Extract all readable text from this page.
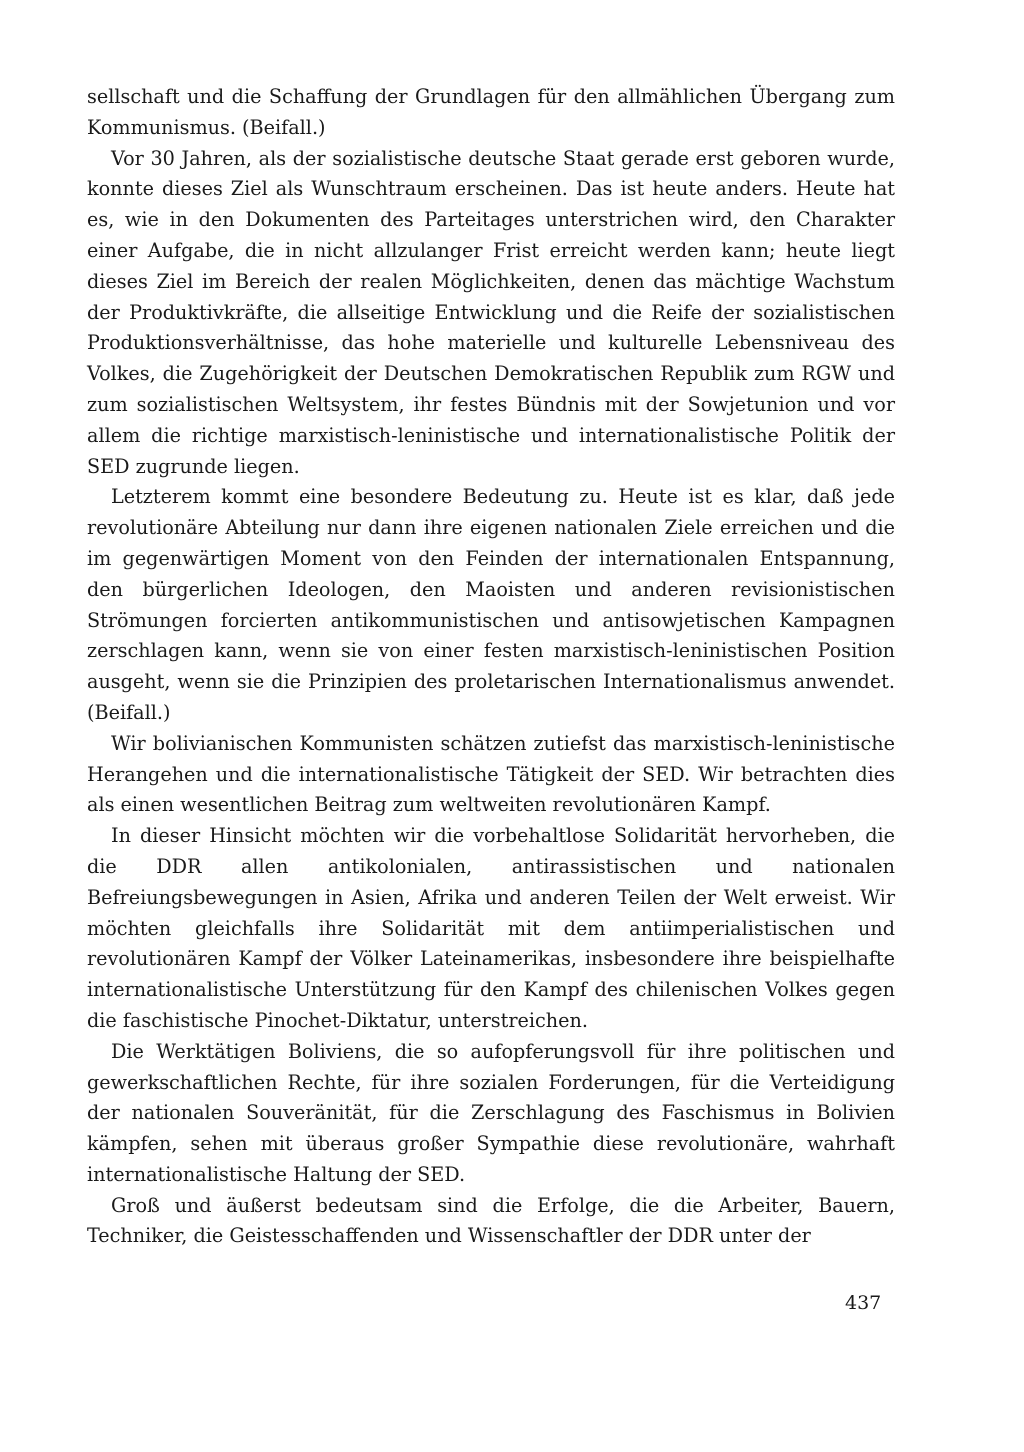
sellschaft und die Schaffung der Grundlagen für den allmählichen Übergang zum Kommunismus. (Beifall.)

Vor 30 Jahren, als der sozialistische deutsche Staat gerade erst geboren wurde, konnte dieses Ziel als Wunschtraum erscheinen. Das ist heute anders. Heute hat es, wie in den Dokumenten des Parteitages unterstrichen wird, den Charakter einer Aufgabe, die in nicht allzulanger Frist erreicht werden kann; heute liegt dieses Ziel im Bereich der realen Möglichkeiten, denen das mächtige Wachstum der Produktivkräfte, die allseitige Entwicklung und die Reife der sozialistischen Produktionsverhältnisse, das hohe materielle und kulturelle Lebensniveau des Volkes, die Zugehörigkeit der Deutschen Demokratischen Republik zum RGW und zum sozialistischen Weltsystem, ihr festes Bündnis mit der Sowjetunion und vor allem die richtige marxistisch-leninistische und internationalistische Politik der SED zugrunde liegen.

Letzterem kommt eine besondere Bedeutung zu. Heute ist es klar, daß jede revolutionäre Abteilung nur dann ihre eigenen nationalen Ziele erreichen und die im gegenwärtigen Moment von den Feinden der internationalen Entspannung, den bürgerlichen Ideologen, den Maoisten und anderen revisionistischen Strömungen forcierten antikommunistischen und antisowjetischen Kampagnen zerschlagen kann, wenn sie von einer festen marxistisch-leninistischen Position ausgeht, wenn sie die Prinzipien des proletarischen Internationalismus anwendet. (Beifall.)

Wir bolivianischen Kommunisten schätzen zutiefst das marxistisch-leninistische Herangehen und die internationalistische Tätigkeit der SED. Wir betrachten dies als einen wesentlichen Beitrag zum weltweiten revolutionären Kampf.

In dieser Hinsicht möchten wir die vorbehaltlose Solidarität hervorheben, die die DDR allen antikolonialen, antirassistischen und nationalen Befreiungsbewegungen in Asien, Afrika und anderen Teilen der Welt erweist. Wir möchten gleichfalls ihre Solidarität mit dem antiimperialistischen und revolutionären Kampf der Völker Lateinamerikas, insbesondere ihre beispielhafte internationalistische Unterstützung für den Kampf des chilenischen Volkes gegen die faschistische Pinochet-Diktatur, unterstreichen.

Die Werktätigen Boliviens, die so aufopferungsvoll für ihre politischen und gewerkschaftlichen Rechte, für ihre sozialen Forderungen, für die Verteidigung der nationalen Souveränität, für die Zerschlagung des Faschismus in Bolivien kämpfen, sehen mit überaus großer Sympathie diese revolutionäre, wahrhaft internationalistische Haltung der SED.

Groß und äußerst bedeutsam sind die Erfolge, die die Arbeiter, Bauern, Techniker, die Geistesschaffenden und Wissenschaftler der DDR unter der

437
